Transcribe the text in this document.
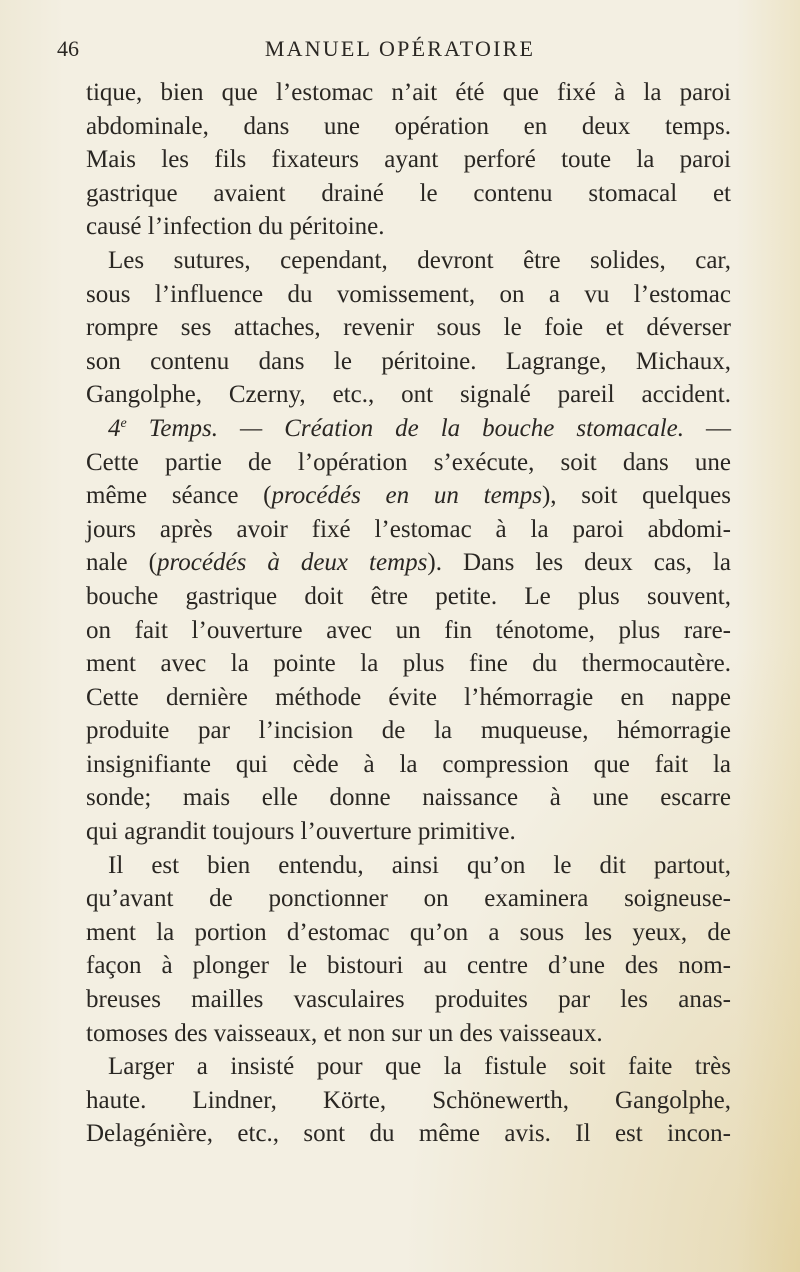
46	MANUEL OPÉRATOIRE
tique, bien que l’estomac n’ait été que fixé à la paroi
abdominale, dans une opération en deux temps.
Mais les fils fixateurs ayant perforé toute la paroi
gastrique avaient drainé le contenu stomacal et
causé l’infection du péritoine.
Les sutures, cependant, devront être solides, car,
sous l’influence du vomissement, on a vu l’estomac
rompre ses attaches, revenir sous le foie et déverser
son contenu dans le péritoine. Lagrange, Michaux,
Gangolphe, Czerny, etc., ont signalé pareil accident.
4e Temps. — Création de la bouche stomacale. —
Cette partie de l’opération s’exécute, soit dans une
même séance (procédés en un temps), soit quelques
jours après avoir fixé l’estomac à la paroi abdomi-
nale (procédés à deux temps). Dans les deux cas, la
bouche gastrique doit être petite. Le plus souvent,
on fait l’ouverture avec un fin ténotome, plus rare-
ment avec la pointe la plus fine du thermocautère.
Cette dernière méthode évite l’hémorragie en nappe
produite par l’incision de la muqueuse, hémorragie
insignifiante qui cède à la compression que fait la
sonde; mais elle donne naissance à une escarre
qui agrandit toujours l’ouverture primitive.
Il est bien entendu, ainsi qu’on le dit partout,
qu’avant de ponctionner on examinera soigneuse-
ment la portion d’estomac qu’on a sous les yeux, de
façon à plonger le bistouri au centre d’une des nom-
breuses mailles vasculaires produites par les anas-
tomoses des vaisseaux, et non sur un des vaisseaux.
Larger a insisté pour que la fistule soit faite très
haute. Lindner, Körte, Schönewerth, Gangolphe,
Delagénière, etc., sont du même avis. Il est incon-
